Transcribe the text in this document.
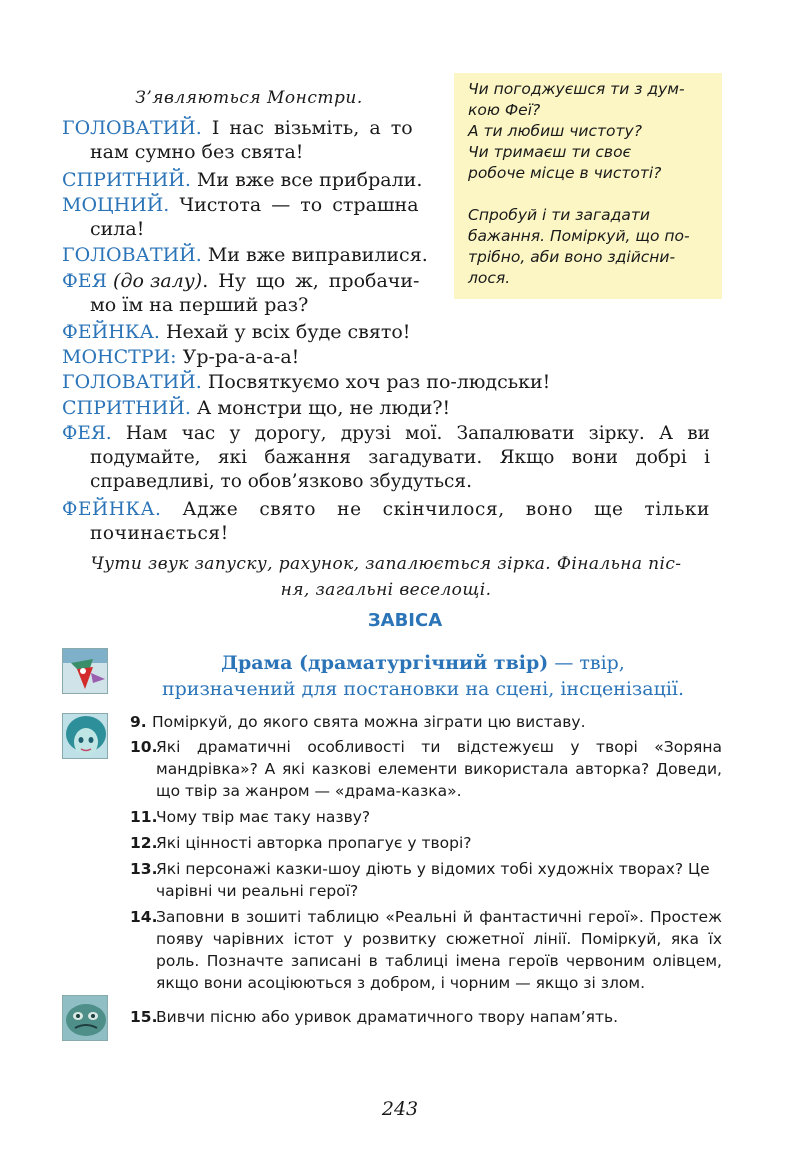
З’являються Монстри.	Чи погоджуєшся ти з дум-

кою Феї?

А ти любиш чистоту?

Чи тримаєш ти своє

робоче місце в чистоті?

Спробуй і ти загадати

бажання. Поміркуй, що по-

трібно, аби воно здійсни-

лося.

ГОЛОВАТИЙ. І нас візьміть, а то
нам сумно без свята!
СПРИТНИЙ. Ми вже все прибрали.
МОЦНИЙ. Чистота — то страшна
сила!
ГОЛОВАТИЙ. Ми вже виправилися.
ФЕЯ (до залу). Ну що ж, пробачи-
мо їм на перший раз?
ФЕЙНКА. Нехай у всіх буде свято!
МОНСТРИ: Ур-ра-а-а-а!
ГОЛОВАТИЙ. Посвяткуємо хоч раз по-людськи!
СПРИТНИЙ. А монстри що, не люди?!
ФЕЯ. Нам час у дорогу, друзі мої. Запалювати зірку. А ви подумайте, які бажання загадувати. Якщо вони добрі і справедливі, то обов’язково збудуться.
ФЕЙНКА. Адже свято не скінчилося, воно ще тільки починається!
Чути звук запуску, рахунок, запалюється зірка. Фінальна піс-
ня, загальні веселощі.
ЗАВІСА
Драма (драматургічний твір) — твір,
призначений для постановки на сцені, інсценізації.
9. Поміркуй, до якого свята можна зіграти цю виставу.
10.
Які драматичні особливості ти відстежуєш у творі «Зоряна мандрівка»? А які казкові елементи використала авторка? Доведи, що твір за жанром — «драма-казка».
11.
Чому твір має таку назву?
12.
Які цінності авторка пропагує у творі?
13.
Які персонажі казки-шоу діють у відомих тобі художніх творах? Це чарівні чи реальні герої?
14.
Заповни в зошиті таблицю «Реальні й фантастичні герої». Простеж появу чарівних істот у розвитку сюжетної лінії. Поміркуй, яка їх роль. Позначте записані в таблиці імена героїв червоним олівцем, якщо вони асоціюються з добром, і чорним — якщо зі злом.
15.
Вивчи пісню або уривок драматичного твору напам’ять.
243
